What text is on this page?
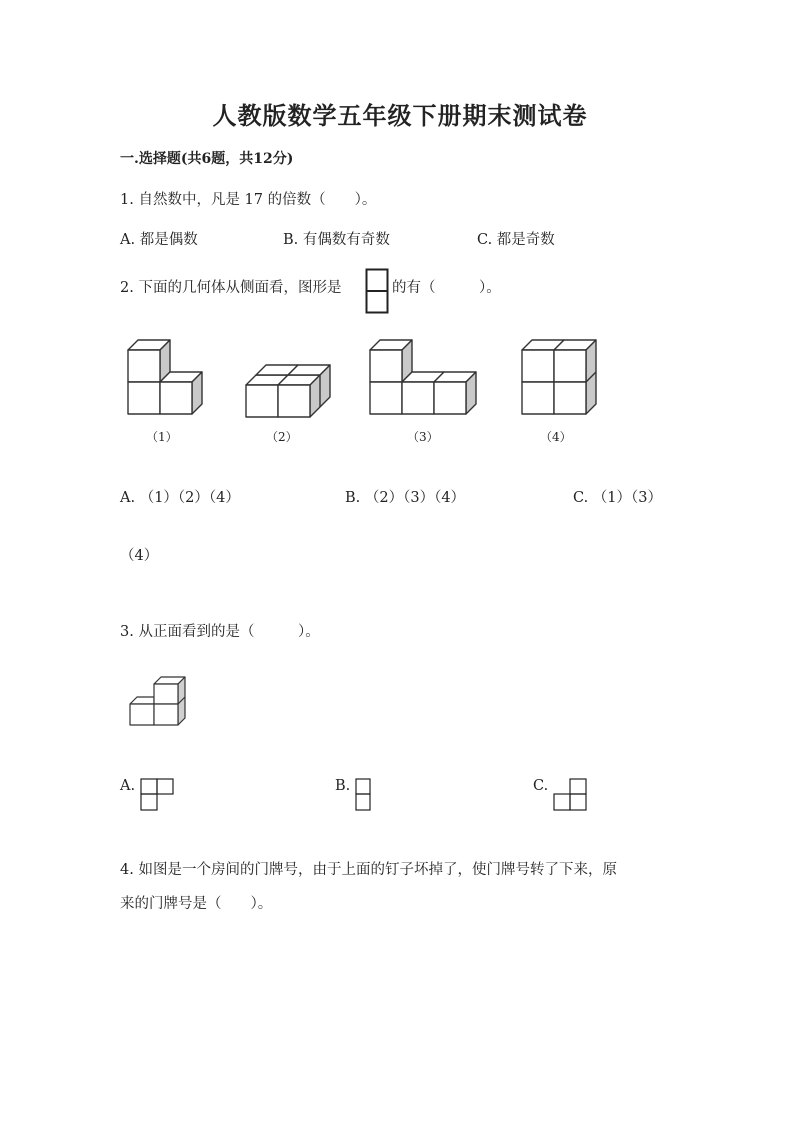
人教版数学五年级下册期末测试卷
一.选择题(共6题，共12分)
1. 自然数中，凡是 17 的倍数（　　）。
A. 都是偶数	B. 有偶数有奇数	C. 都是奇数
2. 下面的几何体从侧面看，图形是	的有（　　　）。
（1）	（2）	（3）	（4）
A. （1）（2）（4）	B. （2）（3）（4）	C. （1）（3）
（4）
3. 从正面看到的是（　　　）。
A.	B.	C.
4. 如图是一个房间的门牌号，由于上面的钉子坏掉了，使门牌号转了下来，原
来的门牌号是（　　）。
